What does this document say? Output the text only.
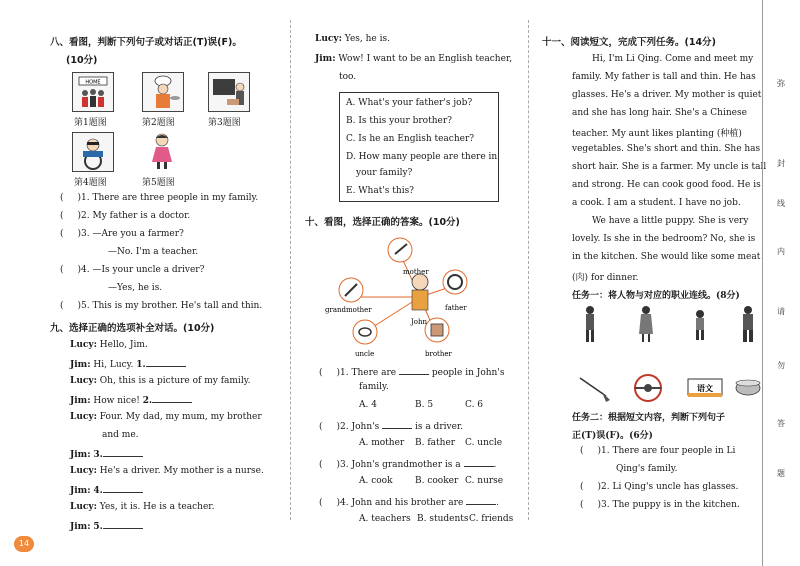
八、看图，判断下列句子或对话正(T)误(F)。
(10分)
HOME
第1题图	第2题图	第3题图
第4题图	第5题图
( )1. There are three people in my family.
( )2. My father is a doctor.
( )3. —Are you a farmer?
—No. I'm a teacher.
( )4. —Is your uncle a driver?
—Yes, he is.
( )5. This is my brother. He's tall and thin.
九、选择正确的选项补全对话。(10分)
Lucy: Hello, Jim.
Jim: Hi, Lucy. 1.
Lucy: Oh, this is a picture of my family.
Jim: How nice! 2.
Lucy: Four. My dad, my mum, my brother
and me.
Jim: 3.
Lucy: He's a driver. My mother is a nurse.
Jim: 4.
Lucy: Yes, it is. He is a teacher.
Jim: 5.
Lucy: Yes, he is.
Jim: Wow! I want to be an English teacher,
too.
A. What's your father's job?
B. Is this your brother?
C. Is he an English teacher?
D. How many people are there in
your family?
E. What's this?
十、看图，选择正确的答案。(10分)
mother
grandmother	father
John
uncle	brother
( )1. There are	people in John's
family.
A. 4	B. 5	C. 6
( )2. John's	is a driver.
A. mother B. father C. uncle
( )3. John's grandmother is a	.
A. cook B. cooker C. nurse
( )4. John and his brother are	.
A. teachers B. students C. friends
十一、阅读短文，完成下列任务。(14分)
Hi, I'm Li Qing. Come and meet my
family. My father is tall and thin. He has
glasses. He's a driver. My mother is quiet
and she has long hair. She's a Chinese
teacher. My aunt likes planting (种植)
vegetables. She's short and thin. She has
short hair. She is a farmer. My uncle is tall
and strong. He can cook good food. He is
a cook. I am a student. I have no job.
We have a little puppy. She is very
lovely. Is she in the bedroom? No, she is
in the kitchen. She would like some meat
(肉) for dinner.
任务一：将人物与对应的职业连线。(8分)
语文
任务二：根据短文内容，判断下列句子
正(T)误(F)。(6分)
( )1. There are four people in Li
Qing's family.
( )2. Li Qing's uncle has glasses.
( )3. The puppy is in the kitchen.
弥
封
线
内
请
勿
答
题
14
